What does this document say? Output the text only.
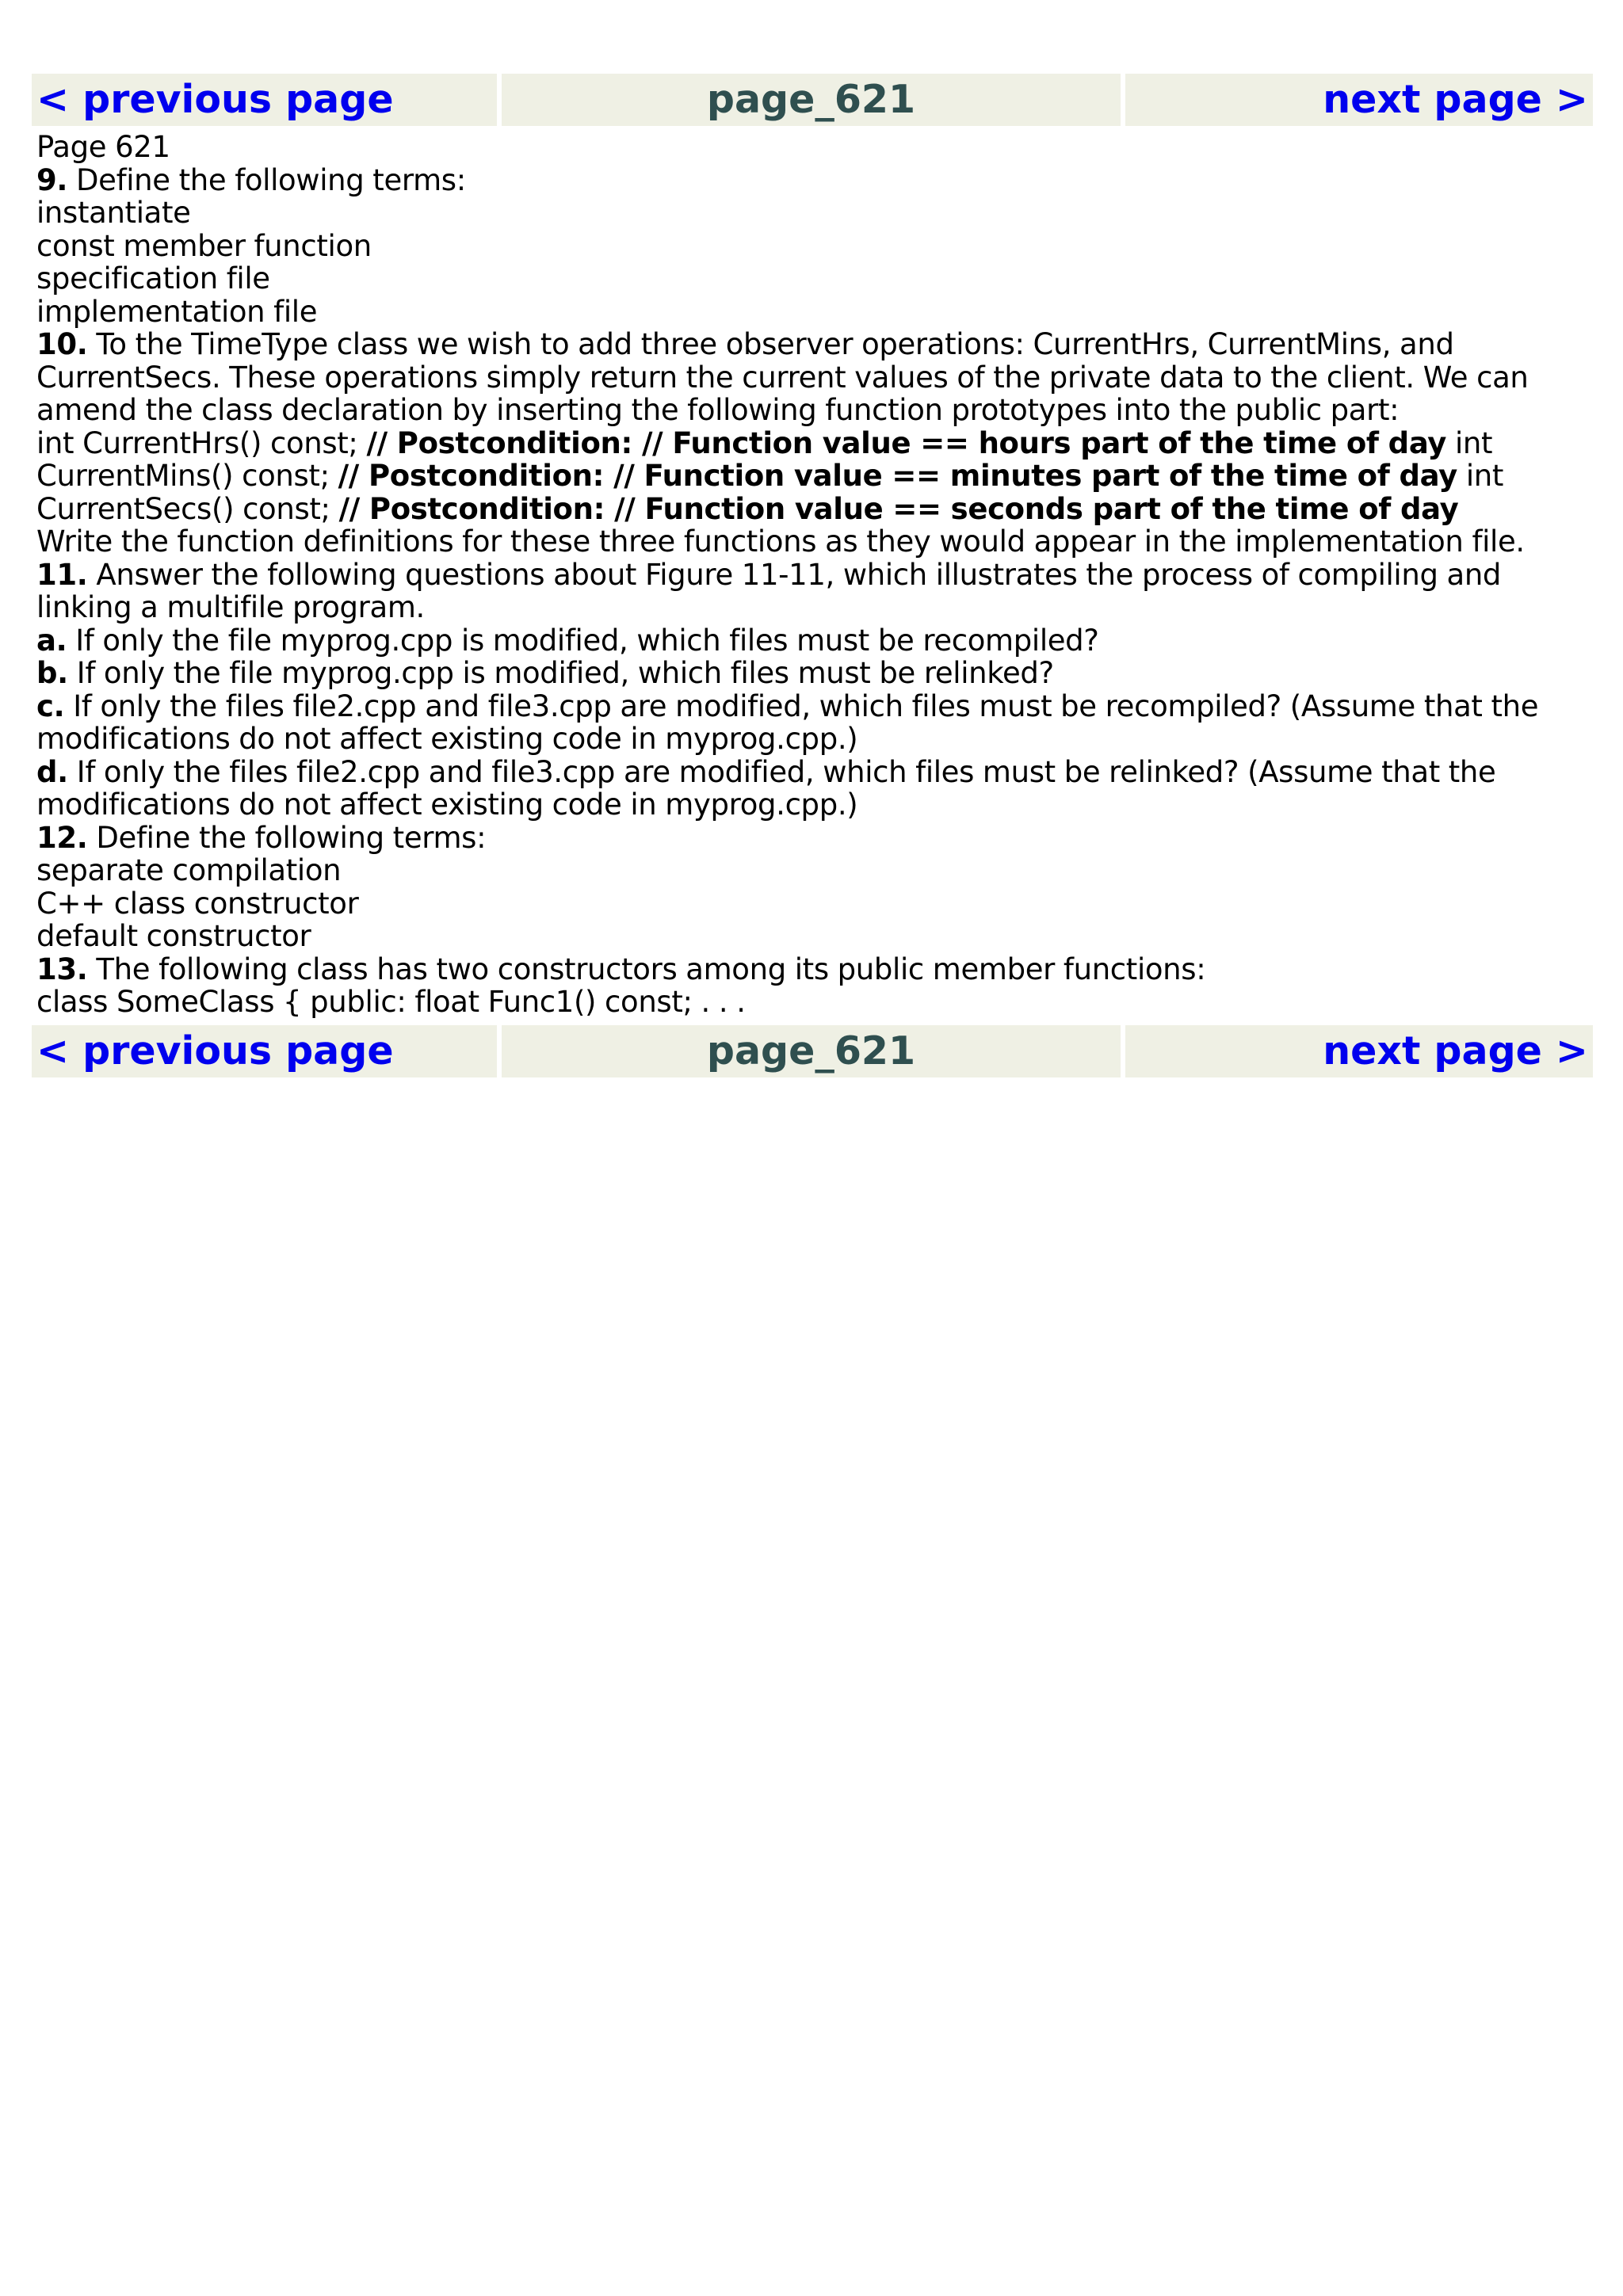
< previous page	page_621	next page >

Page 621

9. Define the following terms:

instantiate

const member function

specification file

implementation file

10. To the TimeType class we wish to add three observer operations: CurrentHrs, CurrentMins, and CurrentSecs. These operations simply return the current values of the private data to the client. We can amend the class declaration by inserting the following function prototypes into the public part:

int CurrentHrs() const; // Postcondition: // Function value == hours part of the time of day int CurrentMins() const; // Postcondition: // Function value == minutes part of the time of day int CurrentSecs() const; // Postcondition: // Function value == seconds part of the time of day

Write the function definitions for these three functions as they would appear in the implementation file.

11. Answer the following questions about Figure 11-11, which illustrates the process of compiling and linking a multifile program.

a. If only the file myprog.cpp is modified, which files must be recompiled?

b. If only the file myprog.cpp is modified, which files must be relinked?

c. If only the files file2.cpp and file3.cpp are modified, which files must be recompiled? (Assume that the modifications do not affect existing code in myprog.cpp.)

d. If only the files file2.cpp and file3.cpp are modified, which files must be relinked? (Assume that the modifications do not affect existing code in myprog.cpp.)

12. Define the following terms:

separate compilation

C++ class constructor

default constructor

13. The following class has two constructors among its public member functions:

class SomeClass { public: float Func1() const; . . .

< previous page	page_621	next page >
